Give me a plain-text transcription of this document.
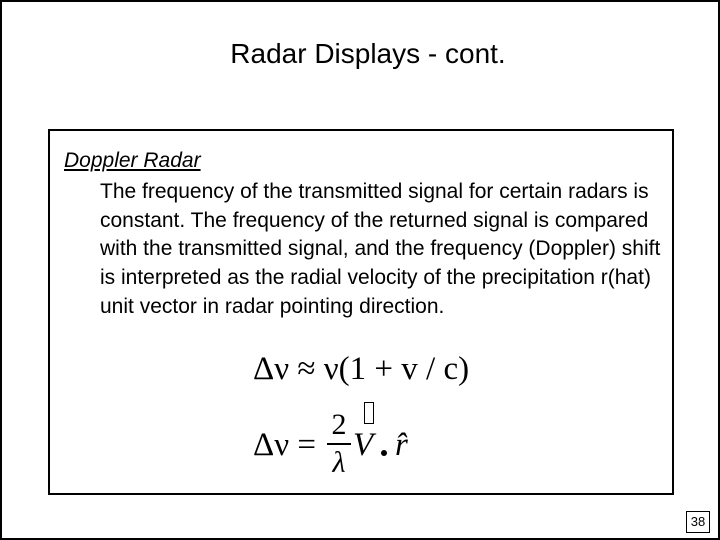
Radar Displays - cont.
Doppler Radar
The frequency of the transmitted signal for certain radars is constant. The frequency of the returned signal is compared with the transmitted signal, and the frequency (Doppler) shift is interpreted as the radial velocity of the precipitation r(hat) unit vector in radar pointing direction.
Δν ≈ ν(1 + v / c)
Δν =
2
λ V r̂
38
